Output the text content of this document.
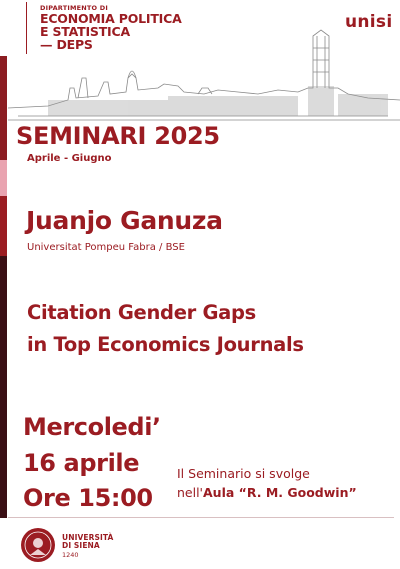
DIPARTIMENTO DI
ECONOMIA POLITICA
E STATISTICA
— DEPS
unisi
SEMINARI 2025
Aprile - Giugno
Juanjo Ganuza
Universitat Pompeu Fabra / BSE
Citation Gender Gaps
in Top Economics Journals
Mercoledi’
16 aprile
Ore 15:00
Il Seminario si svolge
nell'Aula “R. M. Goodwin”
UNIVERSITÀ
DI SIENA
1240
